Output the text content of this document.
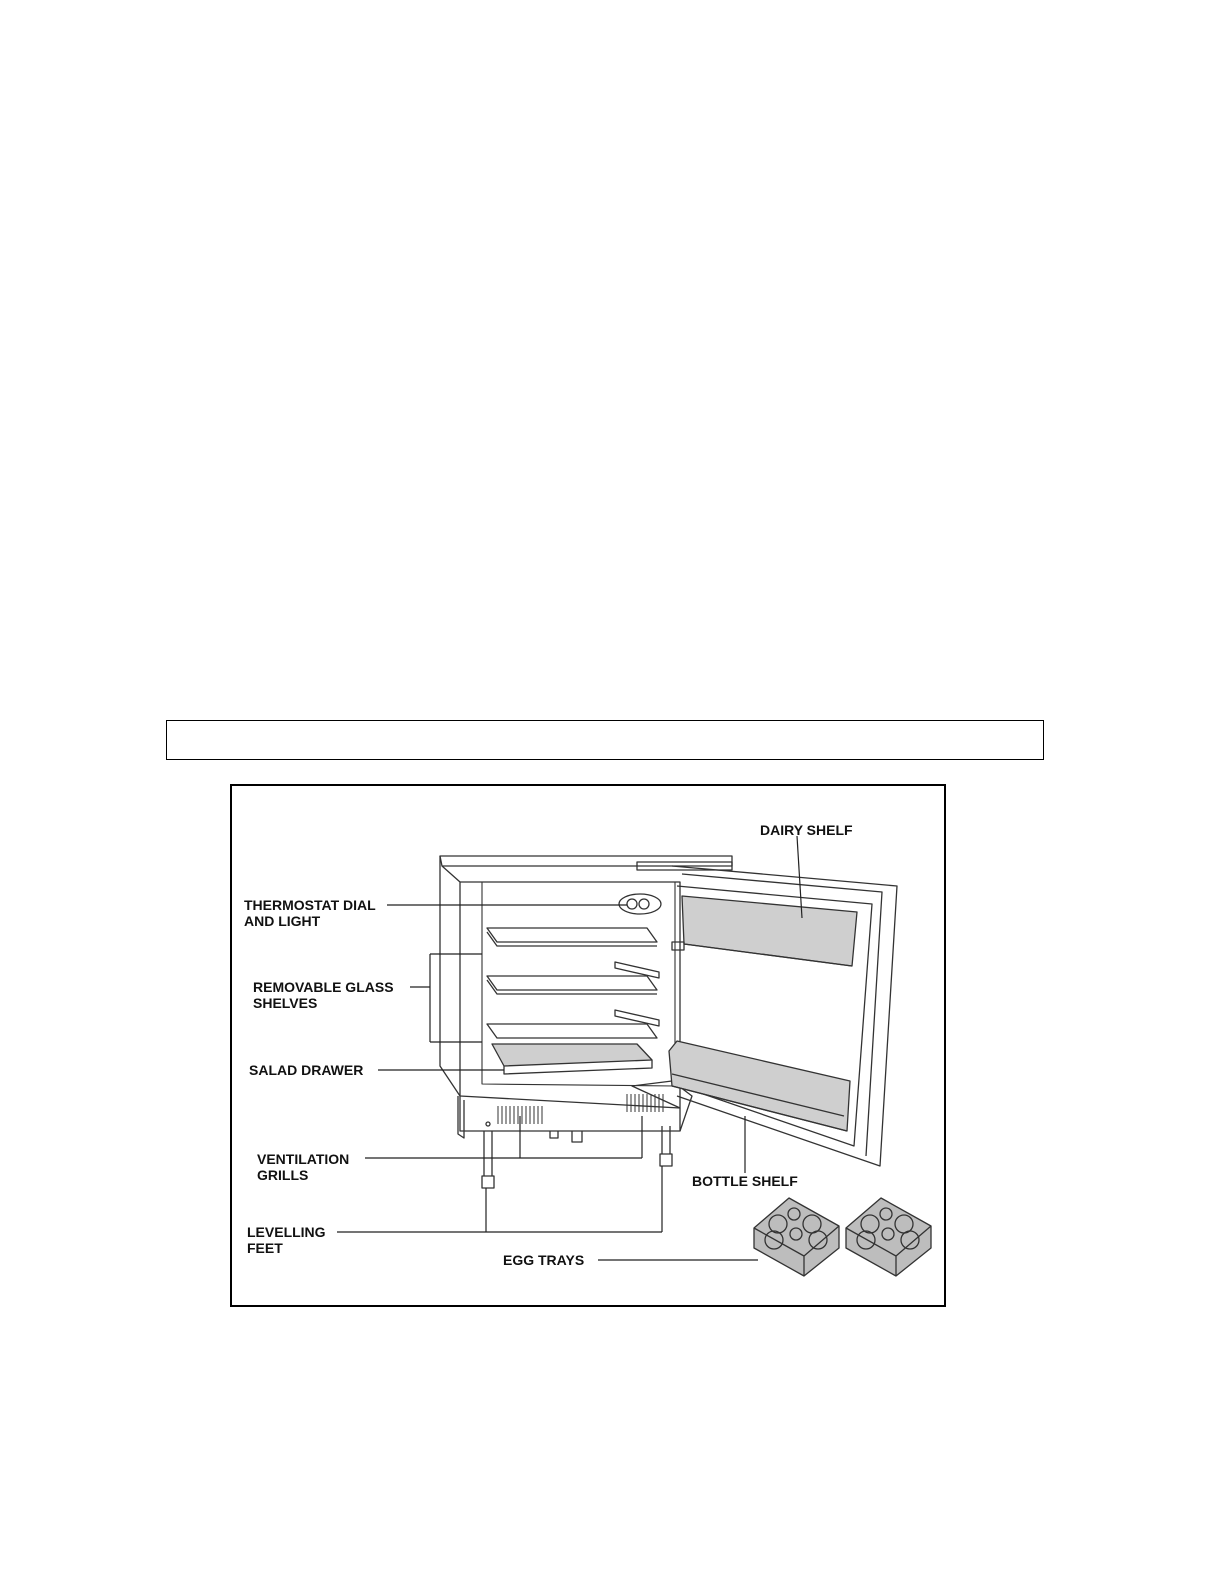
DAIRY SHELF
THERMOSTAT DIAL
AND LIGHT
REMOVABLE GLASS
SHELVES
SALAD DRAWER
VENTILATION
GRILLS	BOTTLE SHELF
LEVELLING
FEET
EGG TRAYS
